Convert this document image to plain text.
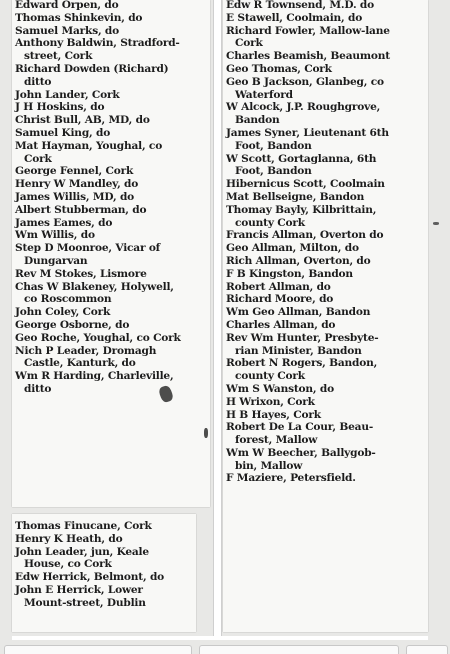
Edward Orpen, do
Thomas Shinkevin, do
Samuel Marks, do
Anthony Baldwin, Stradford-
street, Cork
Richard Dowden (Richard)
ditto
John Lander, Cork
J H Hoskins, do
Christ Bull, AB, MD, do
Samuel King, do
Mat Hayman, Youghal, co
Cork
George Fennel, Cork
Henry W Mandley, do
James Willis, MD, do
Albert Stubberman, do
James Eames, do
Wm Willis, do
Step D Moonroe, Vicar of
Dungarvan
Rev M Stokes, Lismore
Chas W Blakeney, Holywell,
co Roscommon
John Coley, Cork
George Osborne, do
Geo Roche, Youghal, co Cork
Nich P Leader, Dromagh
Castle, Kanturk, do
Wm R Harding, Charleville,
ditto
Thomas Finucane, Cork
Henry K Heath, do
John Leader, jun, Keale
House, co Cork
Edw Herrick, Belmont, do
John E Herrick, Lower
Mount-street, Dublin
Edw R Townsend, M.D. do
E Stawell, Coolmain, do
Richard Fowler, Mallow-lane
Cork
Charles Beamish, Beaumont
Geo Thomas, Cork
Geo B Jackson, Glanbeg, co
Waterford
W Alcock, J.P. Roughgrove,
Bandon
James Syner, Lieutenant 6th
Foot, Bandon
W Scott, Gortaglanna, 6th
Foot, Bandon
Hibernicus Scott, Coolmain
Mat Bellseigne, Bandon
Thomay Bayly, Kilbrittain,
county Cork
Francis Allman, Overton do
Geo Allman, Milton, do
Rich Allman, Overton, do
F B Kingston, Bandon
Robert Allman, do
Richard Moore, do
Wm Geo Allman, Bandon
Charles Allman, do
Rev Wm Hunter, Presbyte-
rian Minister, Bandon
Robert N Rogers, Bandon,
county Cork
Wm S Wanston, do
H Wrixon, Cork
H B Hayes, Cork
Robert De La Cour, Beau-
forest, Mallow
Wm W Beecher, Ballygob-
bin, Mallow
F Maziere, Petersfield.
